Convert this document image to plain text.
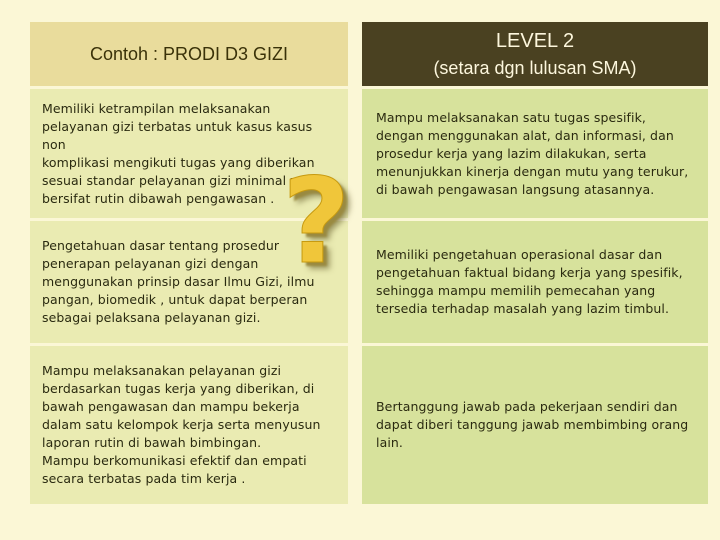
Contoh : PRODI D3 GIZI
LEVEL 2
(setara dgn lulusan SMA)
Memiliki ketrampilan melaksanakan
pelayanan gizi terbatas untuk kasus kasus non
komplikasi mengikuti tugas yang diberikan
sesuai standar pelayanan gizi minimal yang
bersifat rutin dibawah pengawasan .
Mampu melaksanakan satu tugas spesifik,
dengan menggunakan alat, dan informasi, dan
prosedur kerja yang lazim dilakukan, serta
menunjukkan kinerja dengan mutu yang terukur,
di bawah pengawasan langsung atasannya.
Pengetahuan dasar tentang prosedur
penerapan pelayanan gizi dengan
menggunakan prinsip dasar Ilmu Gizi, ilmu
pangan, biomedik , untuk dapat berperan
sebagai pelaksana pelayanan gizi.
Memiliki pengetahuan operasional dasar dan
pengetahuan faktual bidang kerja yang spesifik,
sehingga mampu memilih pemecahan yang
tersedia terhadap masalah yang lazim timbul.
Mampu melaksanakan pelayanan gizi
berdasarkan tugas kerja yang diberikan, di
bawah pengawasan dan mampu bekerja
dalam satu kelompok kerja serta menyusun
laporan rutin di bawah bimbingan.
Mampu berkomunikasi efektif dan empati
secara terbatas pada tim kerja .
Bertanggung jawab pada pekerjaan sendiri dan
dapat diberi tanggung jawab membimbing orang
lain.
?
